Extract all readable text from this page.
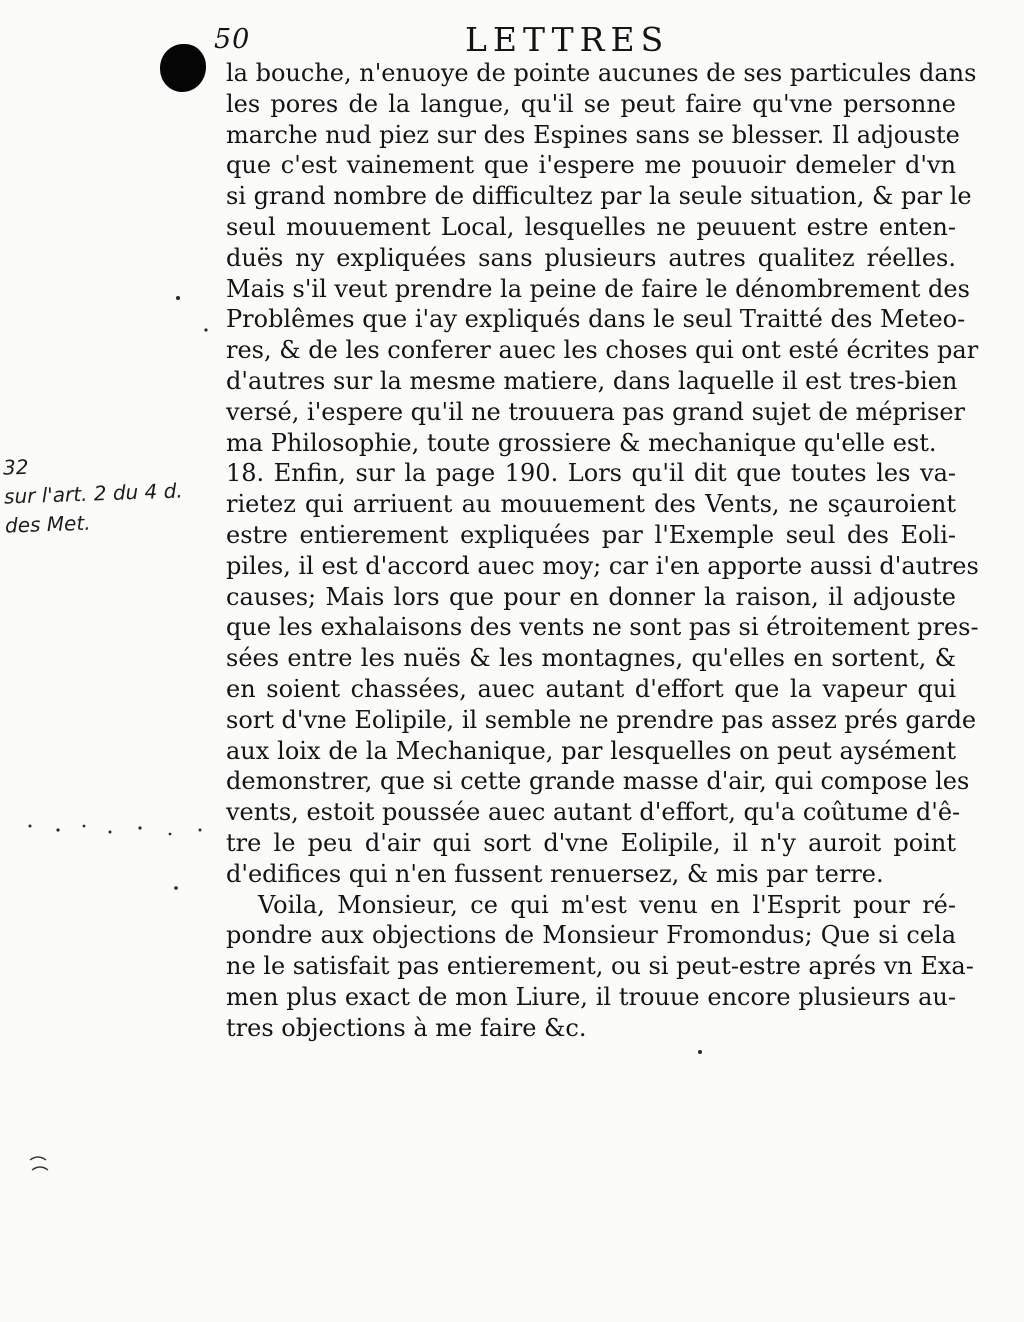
50	LETTRES
32
sur l'art. 2 du 4 d.
des Met.
la bouche, n'enuoye de pointe aucunes de ses particules dans
les pores de la langue, qu'il se peut faire qu'vne personne
marche nud piez sur des Espines sans se blesser. Il adjouste
que c'est vainement que i'espere me pouuoir demeler d'vn
si grand nombre de difficultez par la seule situation, & par le
seul mouuement Local, lesquelles ne peuuent estre enten-
duës ny expliquées sans plusieurs autres qualitez réelles.
Mais s'il veut prendre la peine de faire le dénombrement des
Problêmes que i'ay expliqués dans le seul Traitté des Meteo-
res, & de les conferer auec les choses qui ont esté écrites par
d'autres sur la mesme matiere, dans laquelle il est tres-bien
versé, i'espere qu'il ne trouuera pas grand sujet de mépriser
ma Philosophie, toute grossiere & mechanique qu'elle est.
18. Enfin, sur la page 190. Lors qu'il dit que toutes les va-
rietez qui arriuent au mouuement des Vents, ne sçauroient
estre entierement expliquées par l'Exemple seul des Eoli-
piles, il est d'accord auec moy; car i'en apporte aussi d'autres
causes; Mais lors que pour en donner la raison, il adjouste
que les exhalaisons des vents ne sont pas si étroitement pres-
sées entre les nuës & les montagnes, qu'elles en sortent, &
en soient chassées, auec autant d'effort que la vapeur qui
sort d'vne Eolipile, il semble ne prendre pas assez prés garde
aux loix de la Mechanique, par lesquelles on peut aysément
demonstrer, que si cette grande masse d'air, qui compose les
vents, estoit poussée auec autant d'effort, qu'a coûtume d'ê-
tre le peu d'air qui sort d'vne Eolipile, il n'y auroit point
d'edifices qui n'en fussent renuersez, & mis par terre.
Voila, Monsieur, ce qui m'est venu en l'Esprit pour ré-
pondre aux objections de Monsieur Fromondus; Que si cela
ne le satisfait pas entierement, ou si peut-estre aprés vn Exa-
men plus exact de mon Liure, il trouue encore plusieurs au-
tres objections à me faire &c.
